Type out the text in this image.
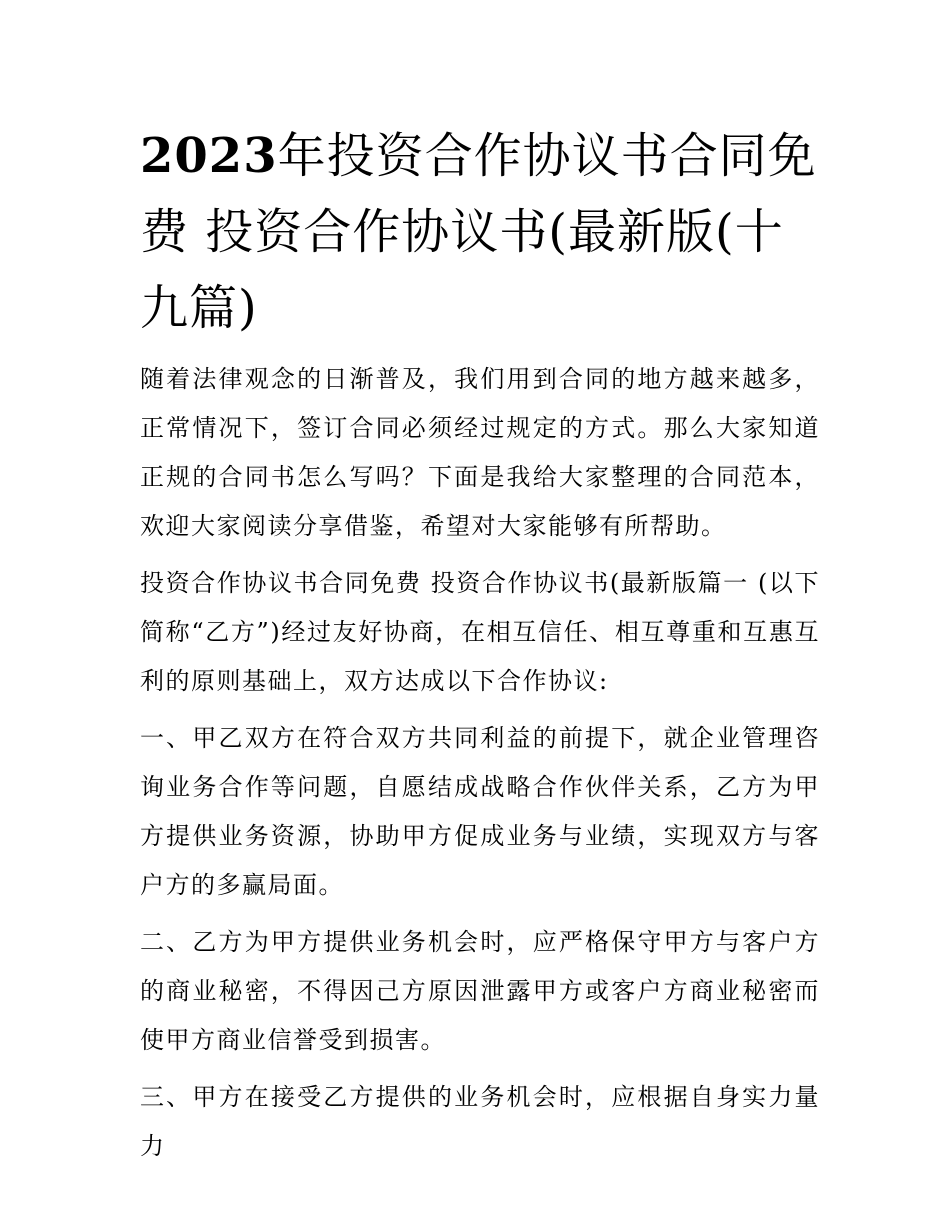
2023年投资合作协议书合同免费 投资合作协议书(最新版(十九篇)

随着法律观念的日渐普及，我们用到合同的地方越来越多，正常情况下，签订合同必须经过规定的方式。那么大家知道正规的合同书怎么写吗？下面是我给大家整理的合同范本，欢迎大家阅读分享借鉴，希望对大家能够有所帮助。

投资合作协议书合同免费 投资合作协议书(最新版篇一 (以下简称“乙方”)经过友好协商，在相互信任、相互尊重和互惠互利的原则基础上，双方达成以下合作协议:

一、甲乙双方在符合双方共同利益的前提下，就企业管理咨询业务合作等问题，自愿结成战略合作伙伴关系，乙方为甲方提供业务资源，协助甲方促成业务与业绩，实现双方与客户方的多赢局面。

二、乙方为甲方提供业务机会时，应严格保守甲方与客户方的商业秘密，不得因己方原因泄露甲方或客户方商业秘密而使甲方商业信誉受到损害。

三、甲方在接受乙方提供的业务机会时，应根据自身实力量力
